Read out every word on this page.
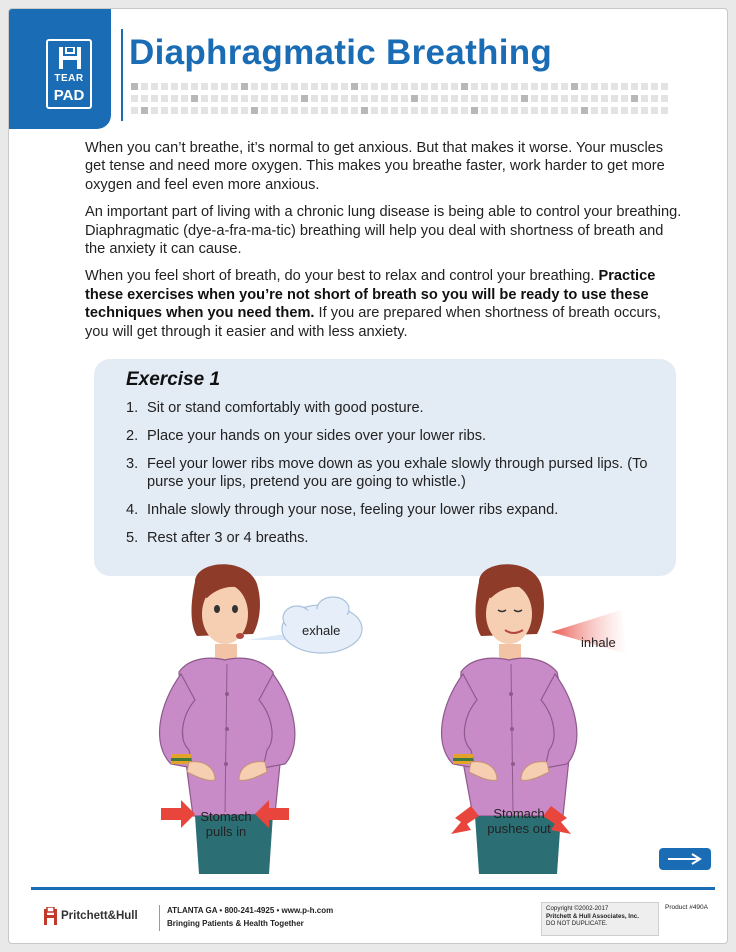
TEAR
PAD
Diaphragmatic Breathing

When you can’t breathe, it’s normal to get anxious. But that makes it worse. Your muscles get tense and need more oxygen. This makes you breathe faster, work harder to get more oxygen and feel even more anxious.

An important part of living with a chronic lung disease is being able to control your breathing. Diaphragmatic (dye-a-fra-ma-tic) breathing will help you deal with shortness of breath and the anxiety it can cause.

When you feel short of breath, do your best to relax and control your breathing. Practice these exercises when you’re not short of breath so you will be ready to use these techniques when you need them. If you are prepared when shortness of breath occurs, you will get through it easier and with less anxiety.

Exercise 1
1. Sit or stand comfortably with good posture.
2. Place your hands on your sides over your lower ribs.
3. Feel your lower ribs move down as you exhale slowly through pursed lips. (To purse your lips, pretend you are going to whistle.)
4. Inhale slowly through your nose, feeling your lower ribs expand.
5. Rest after 3 or 4 breaths.
exhale
Stomach
pulls in
inhale
Stomach
pushes out
Pritchett&Hull	ATLANTA GA • 800-241-4925 • www.p-h.com
Bringing Patients & Health Together
Copyright ©2002-2017
Pritchett & Hull Associates, Inc.
DO NOT DUPLICATE.
Product #490A
